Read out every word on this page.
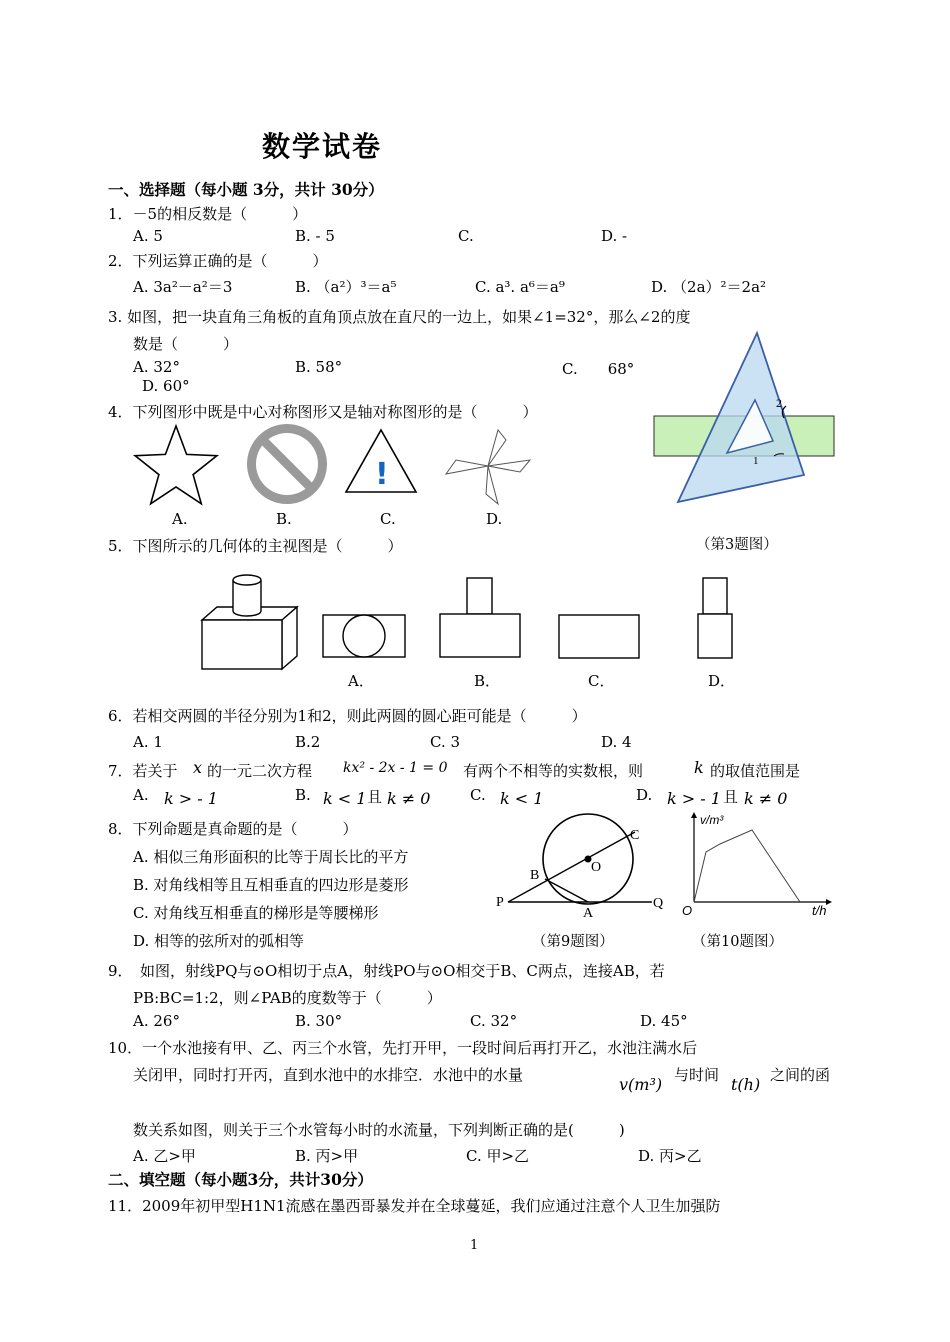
数学试卷
一、选择题（每小题 3分，共计 30分）
1．－5的相反数是（　　　）
A. 5	B. - 5	C.	D. -
2．下列运算正确的是（　　　）
A. 3a²－a²＝3	B. （a²）³＝a⁵	C. a³. a⁶＝a⁹	D. （2a）²＝2a²
3. 如图，把一块直角三角板的直角顶点放在直尺的一边上，如果∠1=32°，那么∠2的度
数是（　　　）
A. 32°	B. 58°	C.　　68°
D. 60°
2
1
4．下列图形中既是中心对称图形又是轴对称图形的是（　　　）
!
A.	B.	C.	D.
（第3题图）
5．下图所示的几何体的主视图是（　　　）
A．	B．	C．	D．
6．若相交两圆的半径分别为1和2，则此两圆的圆心距可能是（　　　）
A. 1	B.2	C. 3	D. 4
7．若关于 x 的一元二次方程 kx² - 2x - 1 = 0 有两个不相等的实数根，则	k 的取值范围是
A. k > - 1	B. k < 1 且 k ≠ 0	C. k < 1	D. k > - 1 且 k ≠ 0
8．下列命题是真命题的是（　　　）
A. 相似三角形面积的比等于周长比的平方
B. 对角线相等且互相垂直的四边形是菱形
C. 对角线互相垂直的梯形是等腰梯形
D. 相等的弦所对的弧相等
C
O
B
P
A
Q
（第9题图）
v/m³
t/h
O
（第10题图）
9．　如图，射线PQ与⊙O相切于点A，射线PO与⊙O相交于B、C两点，连接AB，若
PB:BC=1:2，则∠PAB的度数等于（　　　）
A. 26°	B. 30°	C. 32°	D. 45°
10．一个水池接有甲、乙、丙三个水管，先打开甲，一段时间后再打开乙，水池注满水后
关闭甲，同时打开丙，直到水池中的水排空．水池中的水量	v(m³) 与时间 t(h) 之间的函
数关系如图，则关于三个水管每小时的水流量，下列判断正确的是(　　　)
A. 乙>甲	B. 丙>甲	C. 甲>乙	D. 丙>乙
二、填空题（每小题3分，共计30分）
11．2009年初甲型H1N1流感在墨西哥暴发并在全球蔓延，我们应通过注意个人卫生加强防
1
